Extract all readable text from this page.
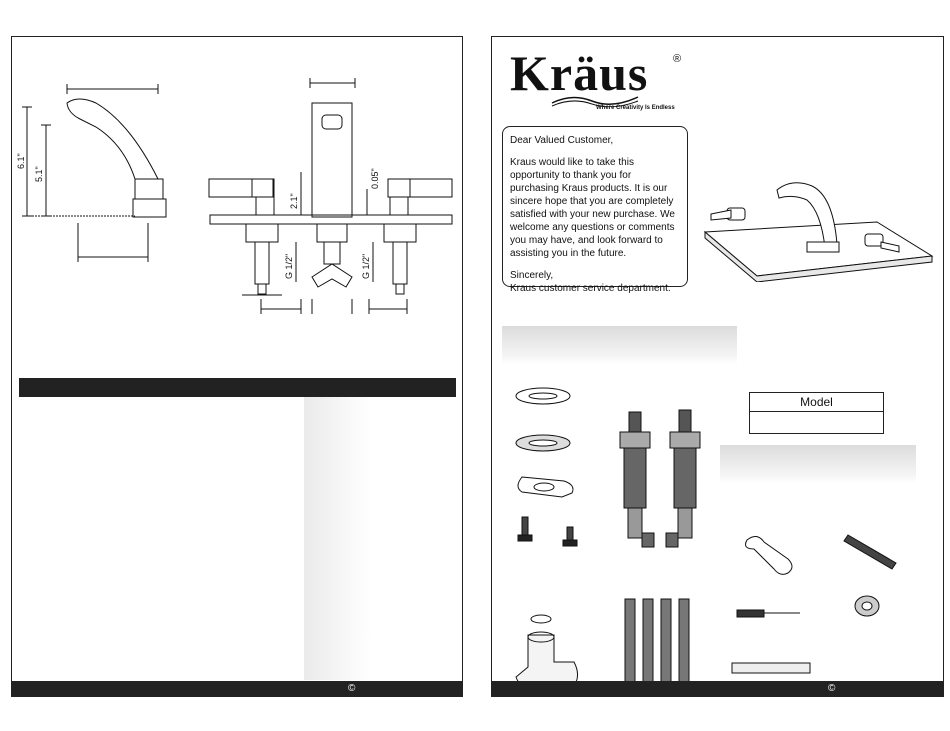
6.1"
5.1"
2.1"
0.05"
G 1/2"	G 1/2"
©
Kräus ®
Where Creativity Is Endless

Dear Valued Customer,

Kraus would like to take this opportunity to thank you for purchasing Kraus products. It is our sincere hope that you are completely satisfied with your new purchase. We welcome any questions or comments you may have, and look forward to assisting you in the future.

Sincerely,

Kraus customer service department.

Model
©
